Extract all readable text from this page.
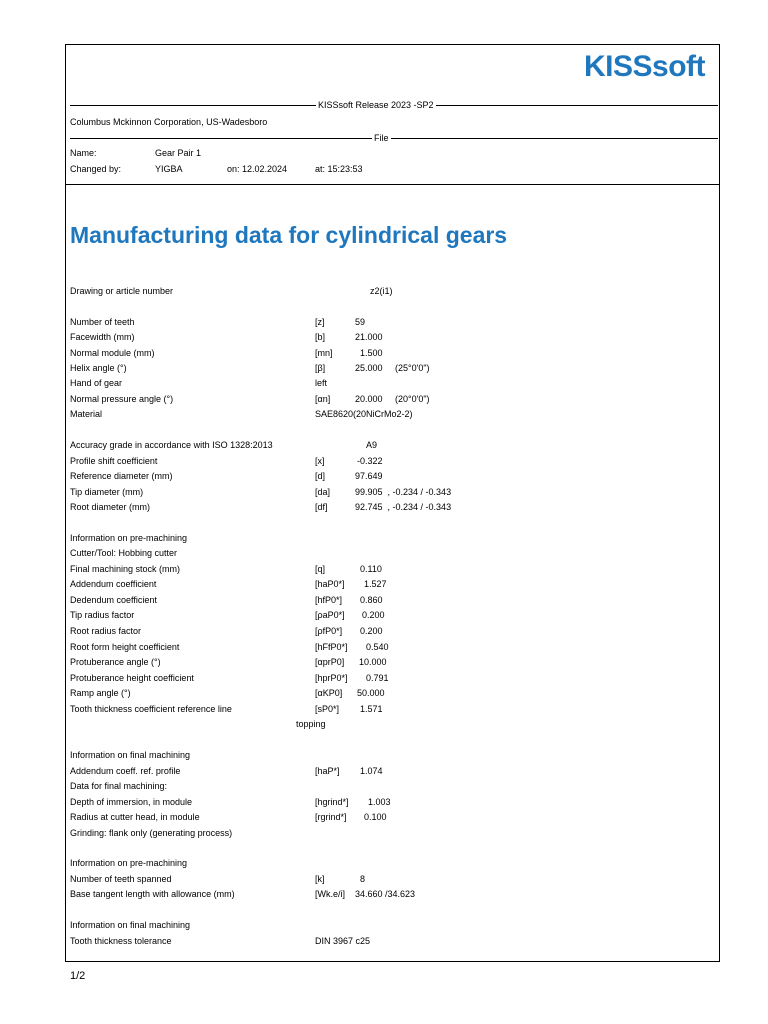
KISSsoft
KISSsoft Release 2023 -SP2
Columbus Mckinnon Corporation, US-Wadesboro
File
Name:	Gear Pair 1
Changed by:	YIGBA	on: 12.02.2024	at: 15:23:53
Manufacturing data for cylindrical gears
Drawing or article number	z2(i1)
Number of teeth	[z]	59
Facewidth (mm)	[b]	21.000
Normal module (mm)	[mn]	1.500
Helix angle (°)	[β]	25.000     (25°0'0")
Hand of gear	left
Normal pressure angle (°)	[αn]	20.000     (20°0'0")
Material	SAE8620(20NiCrMo2-2)
Accuracy grade in accordance with ISO 1328:2013	A9
Profile shift coefficient	[x]	-0.322
Reference diameter (mm)	[d]	97.649
Tip diameter (mm)	[da]	99.905  , -0.234 / -0.343
Root diameter (mm)	[df]	92.745  , -0.234 / -0.343
Information on pre-machining
Cutter/Tool: Hobbing cutter
Final machining stock (mm)	[q]	0.110
Addendum coefficient	[haP0*] 1.527
Dedendum coefficient	[hfP0*] 0.860
Tip radius factor	[ρaP0*] 0.200
Root radius factor	[ρfP0*] 0.200
Root form height coefficient	[hFfP0*] 0.540
Protuberance angle (°)	[αprP0] 10.000
Protuberance height coefficient	[hprP0*] 0.791
Ramp angle (°)	[αKP0] 50.000
Tooth thickness coefficient reference line	[sP0*] 1.571
topping
Information on final machining
Addendum coeff. ref. profile	[haP*] 1.074
Data for final machining:
Depth of immersion, in module	[hgrind*] 1.003
Radius at cutter head, in module	[rgrind*] 0.100
Grinding: flank only (generating process)
Information on pre-machining
Number of teeth spanned	[k]	8
Base tangent length with allowance (mm)	[Wk.e/i] 34.660 /34.623
Information on final machining
Tooth thickness tolerance	DIN 3967 c25
1/2
